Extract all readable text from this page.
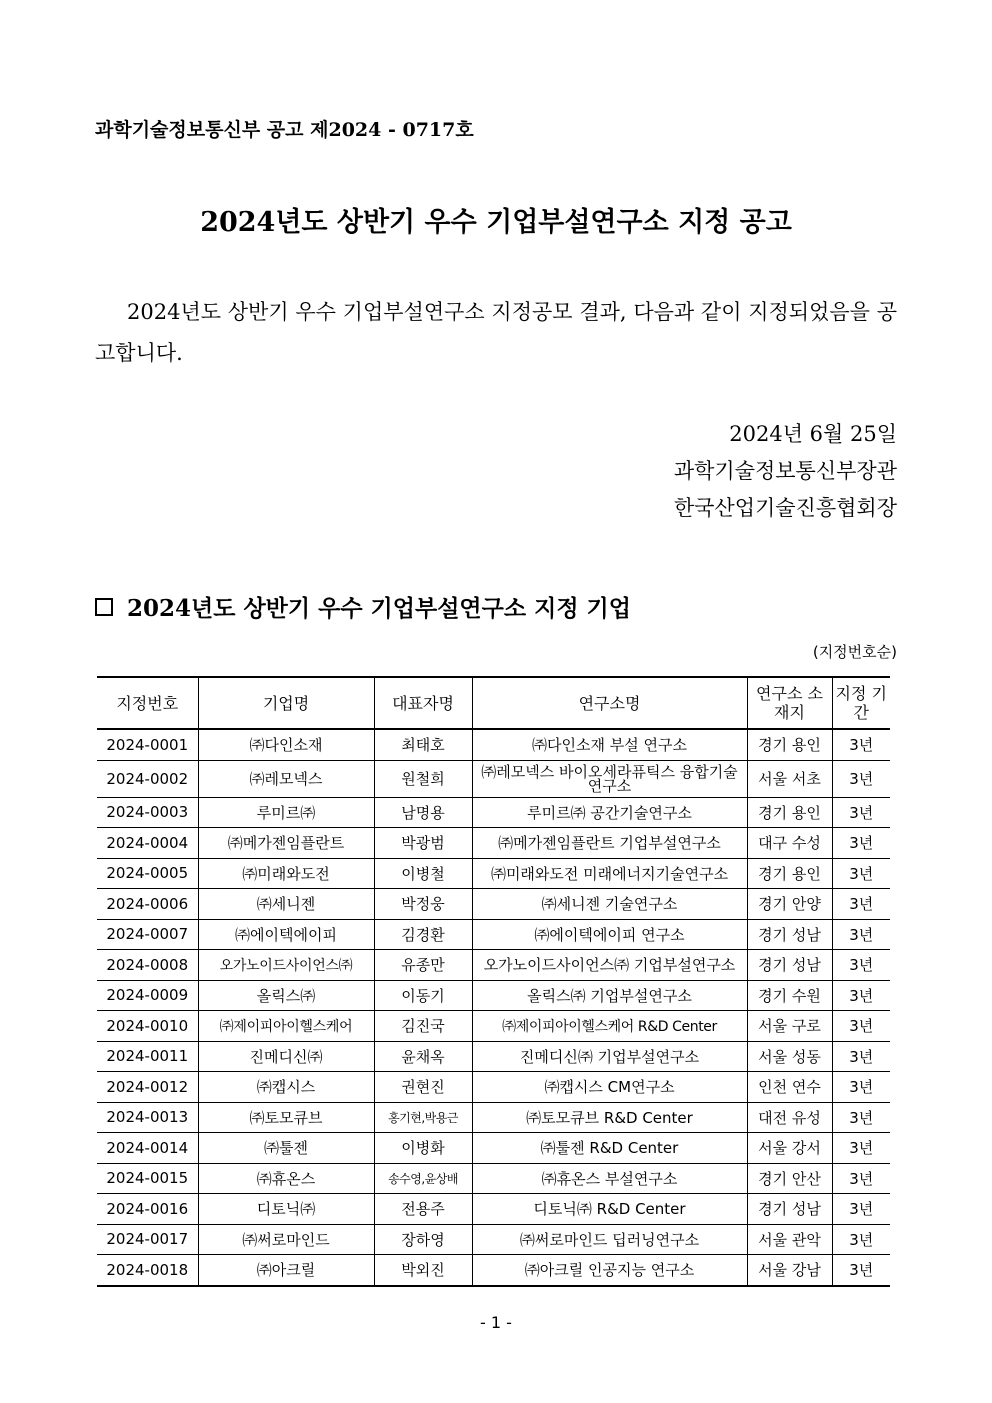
과학기술정보통신부 공고 제2024 - 0717호
2024년도 상반기 우수 기업부설연구소 지정 공고
2024년도 상반기 우수 기업부설연구소 지정공모 결과, 다음과 같이 지정되었음을 공고합니다.
2024년 6월 25일
과학기술정보통신부장관
한국산업기술진흥협회장
2024년도 상반기 우수 기업부설연구소 지정 기업
(지정번호순)
지정번호	기업명	대표자명	연구소명	연구소 소재지	지정 기간
2024-0001	㈜다인소재	최태호	㈜다인소재 부설 연구소	경기 용인	3년
2024-0002	㈜레모넥스	원철희	㈜레모넥스 바이오세라퓨틱스 융합기술연구소	서울 서초	3년
2024-0003	루미르㈜	남명용	루미르㈜ 공간기술연구소	경기 용인	3년
2024-0004	㈜메가젠임플란트	박광범	㈜메가젠임플란트 기업부설연구소	대구 수성	3년
2024-0005	㈜미래와도전	이병철	㈜미래와도전 미래에너지기술연구소	경기 용인	3년
2024-0006	㈜세니젠	박정웅	㈜세니젠 기술연구소	경기 안양	3년
2024-0007	㈜에이텍에이피	김경환	㈜에이텍에이피 연구소	경기 성남	3년
2024-0008	오가노이드사이언스㈜	유종만	오가노이드사이언스㈜ 기업부설연구소	경기 성남	3년
2024-0009	올릭스㈜	이동기	올릭스㈜ 기업부설연구소	경기 수원	3년
2024-0010	㈜제이피아이헬스케어	김진국	㈜제이피아이헬스케어 R&D Center	서울 구로	3년
2024-0011	진메디신㈜	윤채옥	진메디신㈜ 기업부설연구소	서울 성동	3년
2024-0012	㈜캡시스	권현진	㈜캡시스 CM연구소	인천 연수	3년
2024-0013	㈜토모큐브	홍기현,박용근	㈜토모큐브 R&D Center	대전 유성	3년
2024-0014	㈜툴젠	이병화	㈜툴젠 R&D Center	서울 강서	3년
2024-0015	㈜휴온스	송수영,윤상배	㈜휴온스 부설연구소	경기 안산	3년
2024-0016	디토닉㈜	전용주	디토닉㈜ R&D Center	경기 성남	3년
2024-0017	㈜써로마인드	장하영	㈜써로마인드 딥러닝연구소	서울 관악	3년
2024-0018	㈜아크릴	박외진	㈜아크릴 인공지능 연구소	서울 강남	3년
- 1 -
